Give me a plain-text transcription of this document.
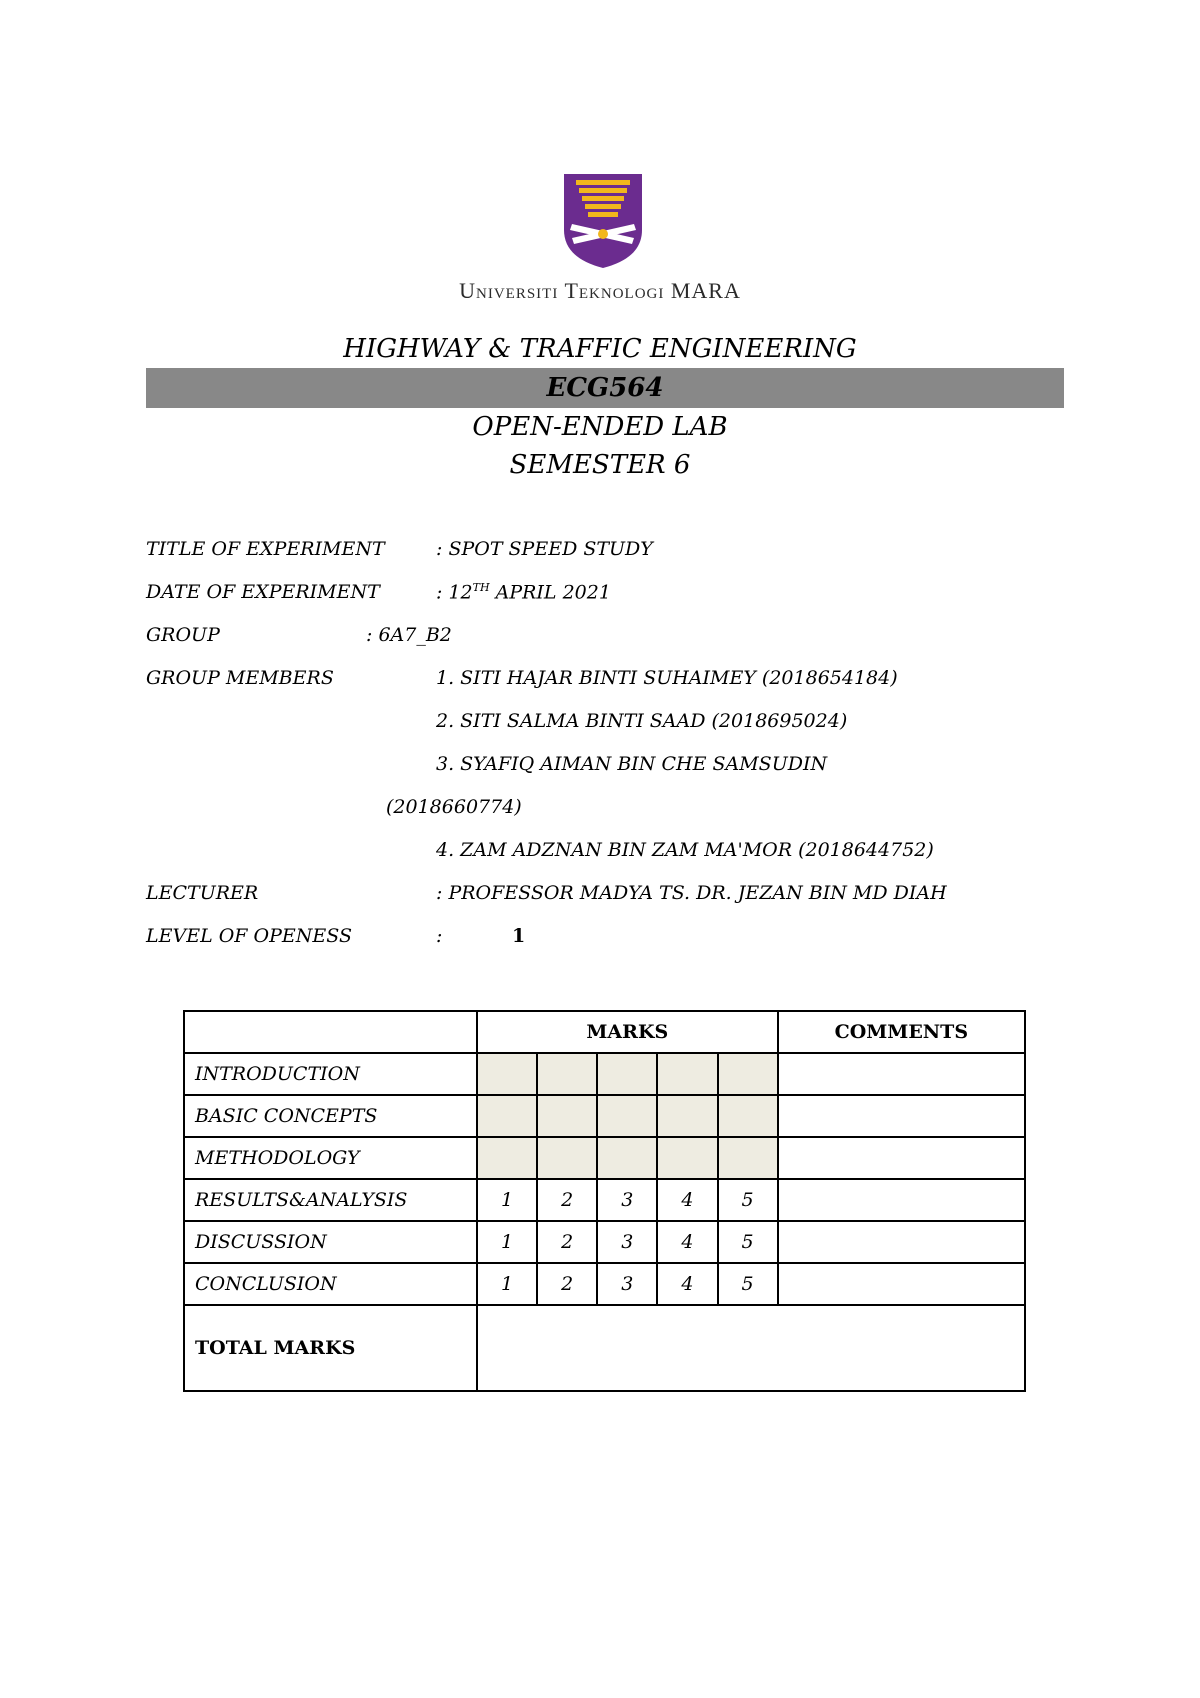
Universiti Teknologi MARA
HIGHWAY & TRAFFIC ENGINEERING
ECG564
OPEN-ENDED LAB
SEMESTER 6
TITLE OF EXPERIMENT	: SPOT SPEED STUDY
DATE OF EXPERIMENT	: 12TH APRIL 2021
GROUP	: 6A7_B2
GROUP MEMBERS	1. SITI HAJAR BINTI SUHAIMEY (2018654184)
2. SITI SALMA BINTI SAAD (2018695024)
3. SYAFIQ AIMAN BIN CHE SAMSUDIN
(2018660774)
4. ZAM ADZNAN BIN ZAM MA'MOR (2018644752)
LECTURER	: PROFESSOR MADYA TS. DR. JEZAN BIN MD DIAH
LEVEL OF OPENESS	:	1
	MARKS					COMMENTS
INTRODUCTION						
BASIC CONCEPTS						
METHODOLOGY						
RESULTS&ANALYSIS	1	2	3	4	5	
DISCUSSION	1	2	3	4	5	
CONCLUSION	1	2	3	4	5	
TOTAL MARKS						
